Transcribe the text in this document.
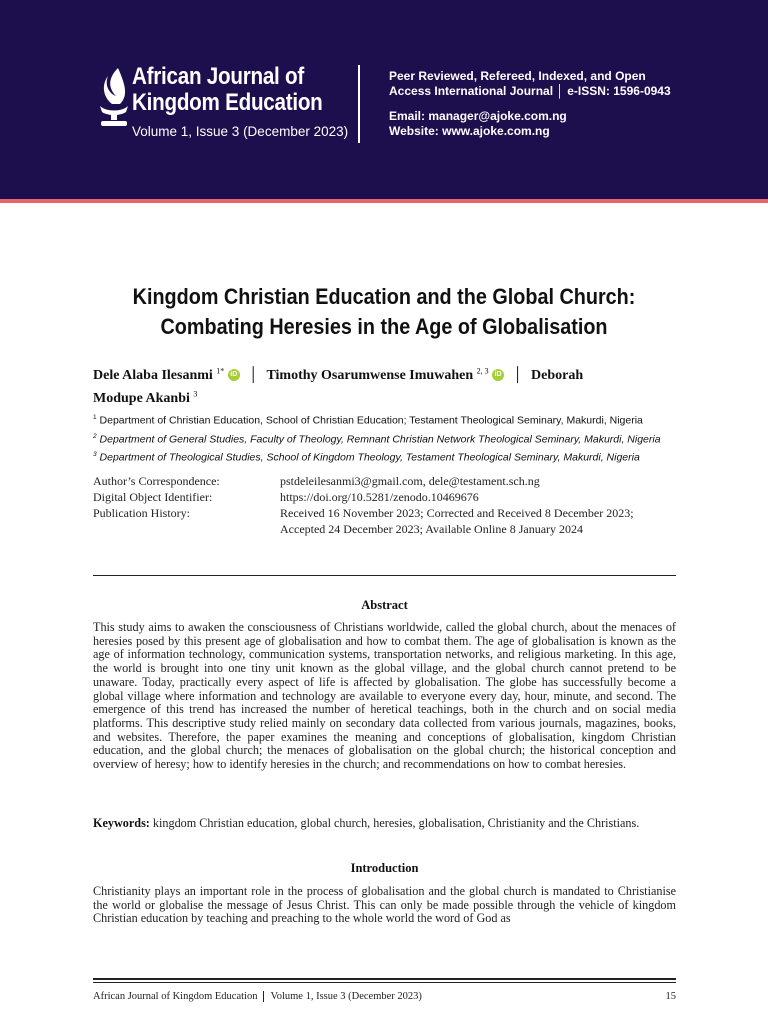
African Journal of
Kingdom Education
Volume 1, Issue 3 (December 2023)
Peer Reviewed, Refereed, Indexed, and Open
Access International Journal │ e-ISSN: 1596-0943
Email: manager@ajoke.com.ng
Website: www.ajoke.com.ng
Kingdom Christian Education and the Global Church:
Combating Heresies in the Age of Globalisation
Dele Alaba Ilesanmi $^{1*}$ iD │ Timothy Osarumwense Imuwahen $^{2, 3}$ iD │ Deborah
Modupe Akanbi $^3$
$^1$ Department of Christian Education, School of Christian Education; Testament Theological Seminary, Makurdi, Nigeria
$^2$ Department of General Studies, Faculty of Theology, Remnant Christian Network Theological Seminary, Makurdi, Nigeria
$^3$ Department of Theological Studies, School of Kingdom Theology, Testament Theological Seminary, Makurdi, Nigeria
Author’s Correspondence:	pstdeleilesanmi3@gmail.com, dele@testament.sch.ng
Digital Object Identifier:	https://doi.org/10.5281/zenodo.10469676
Publication History:	Received 16 November 2023; Corrected and Received 8 December 2023; Accepted 24 December 2023; Available Online 8 January 2024
Abstract
This study aims to awaken the consciousness of Christians worldwide, called the global church, about the menaces of heresies posed by this present age of globalisation and how to combat them. The age of globalisation is known as the age of information technology, communication systems, transportation networks, and religious marketing. In this age, the world is brought into one tiny unit known as the global village, and the global church cannot pretend to be unaware. Today, practically every aspect of life is affected by globalisation. The globe has successfully become a global village where information and technology are available to everyone every day, hour, minute, and second. The emergence of this trend has increased the number of heretical teachings, both in the church and on social media platforms. This descriptive study relied mainly on secondary data collected from various journals, magazines, books, and websites. Therefore, the paper examines the meaning and conceptions of globalisation, kingdom Christian education, and the global church; the menaces of globalisation on the global church; the historical conception and overview of heresy; how to identify heresies in the church; and recommendations on how to combat heresies.
Keywords: kingdom Christian education, global church, heresies, globalisation, Christianity and the Christians.
Introduction
Christianity plays an important role in the process of globalisation and the global church is mandated to Christianise the world or globalise the message of Jesus Christ. This can only be made possible through the vehicle of kingdom Christian education by teaching and preaching to the whole world the word of God as
African Journal of Kingdom Education Volume 1, Issue 3 (December 2023)	15
